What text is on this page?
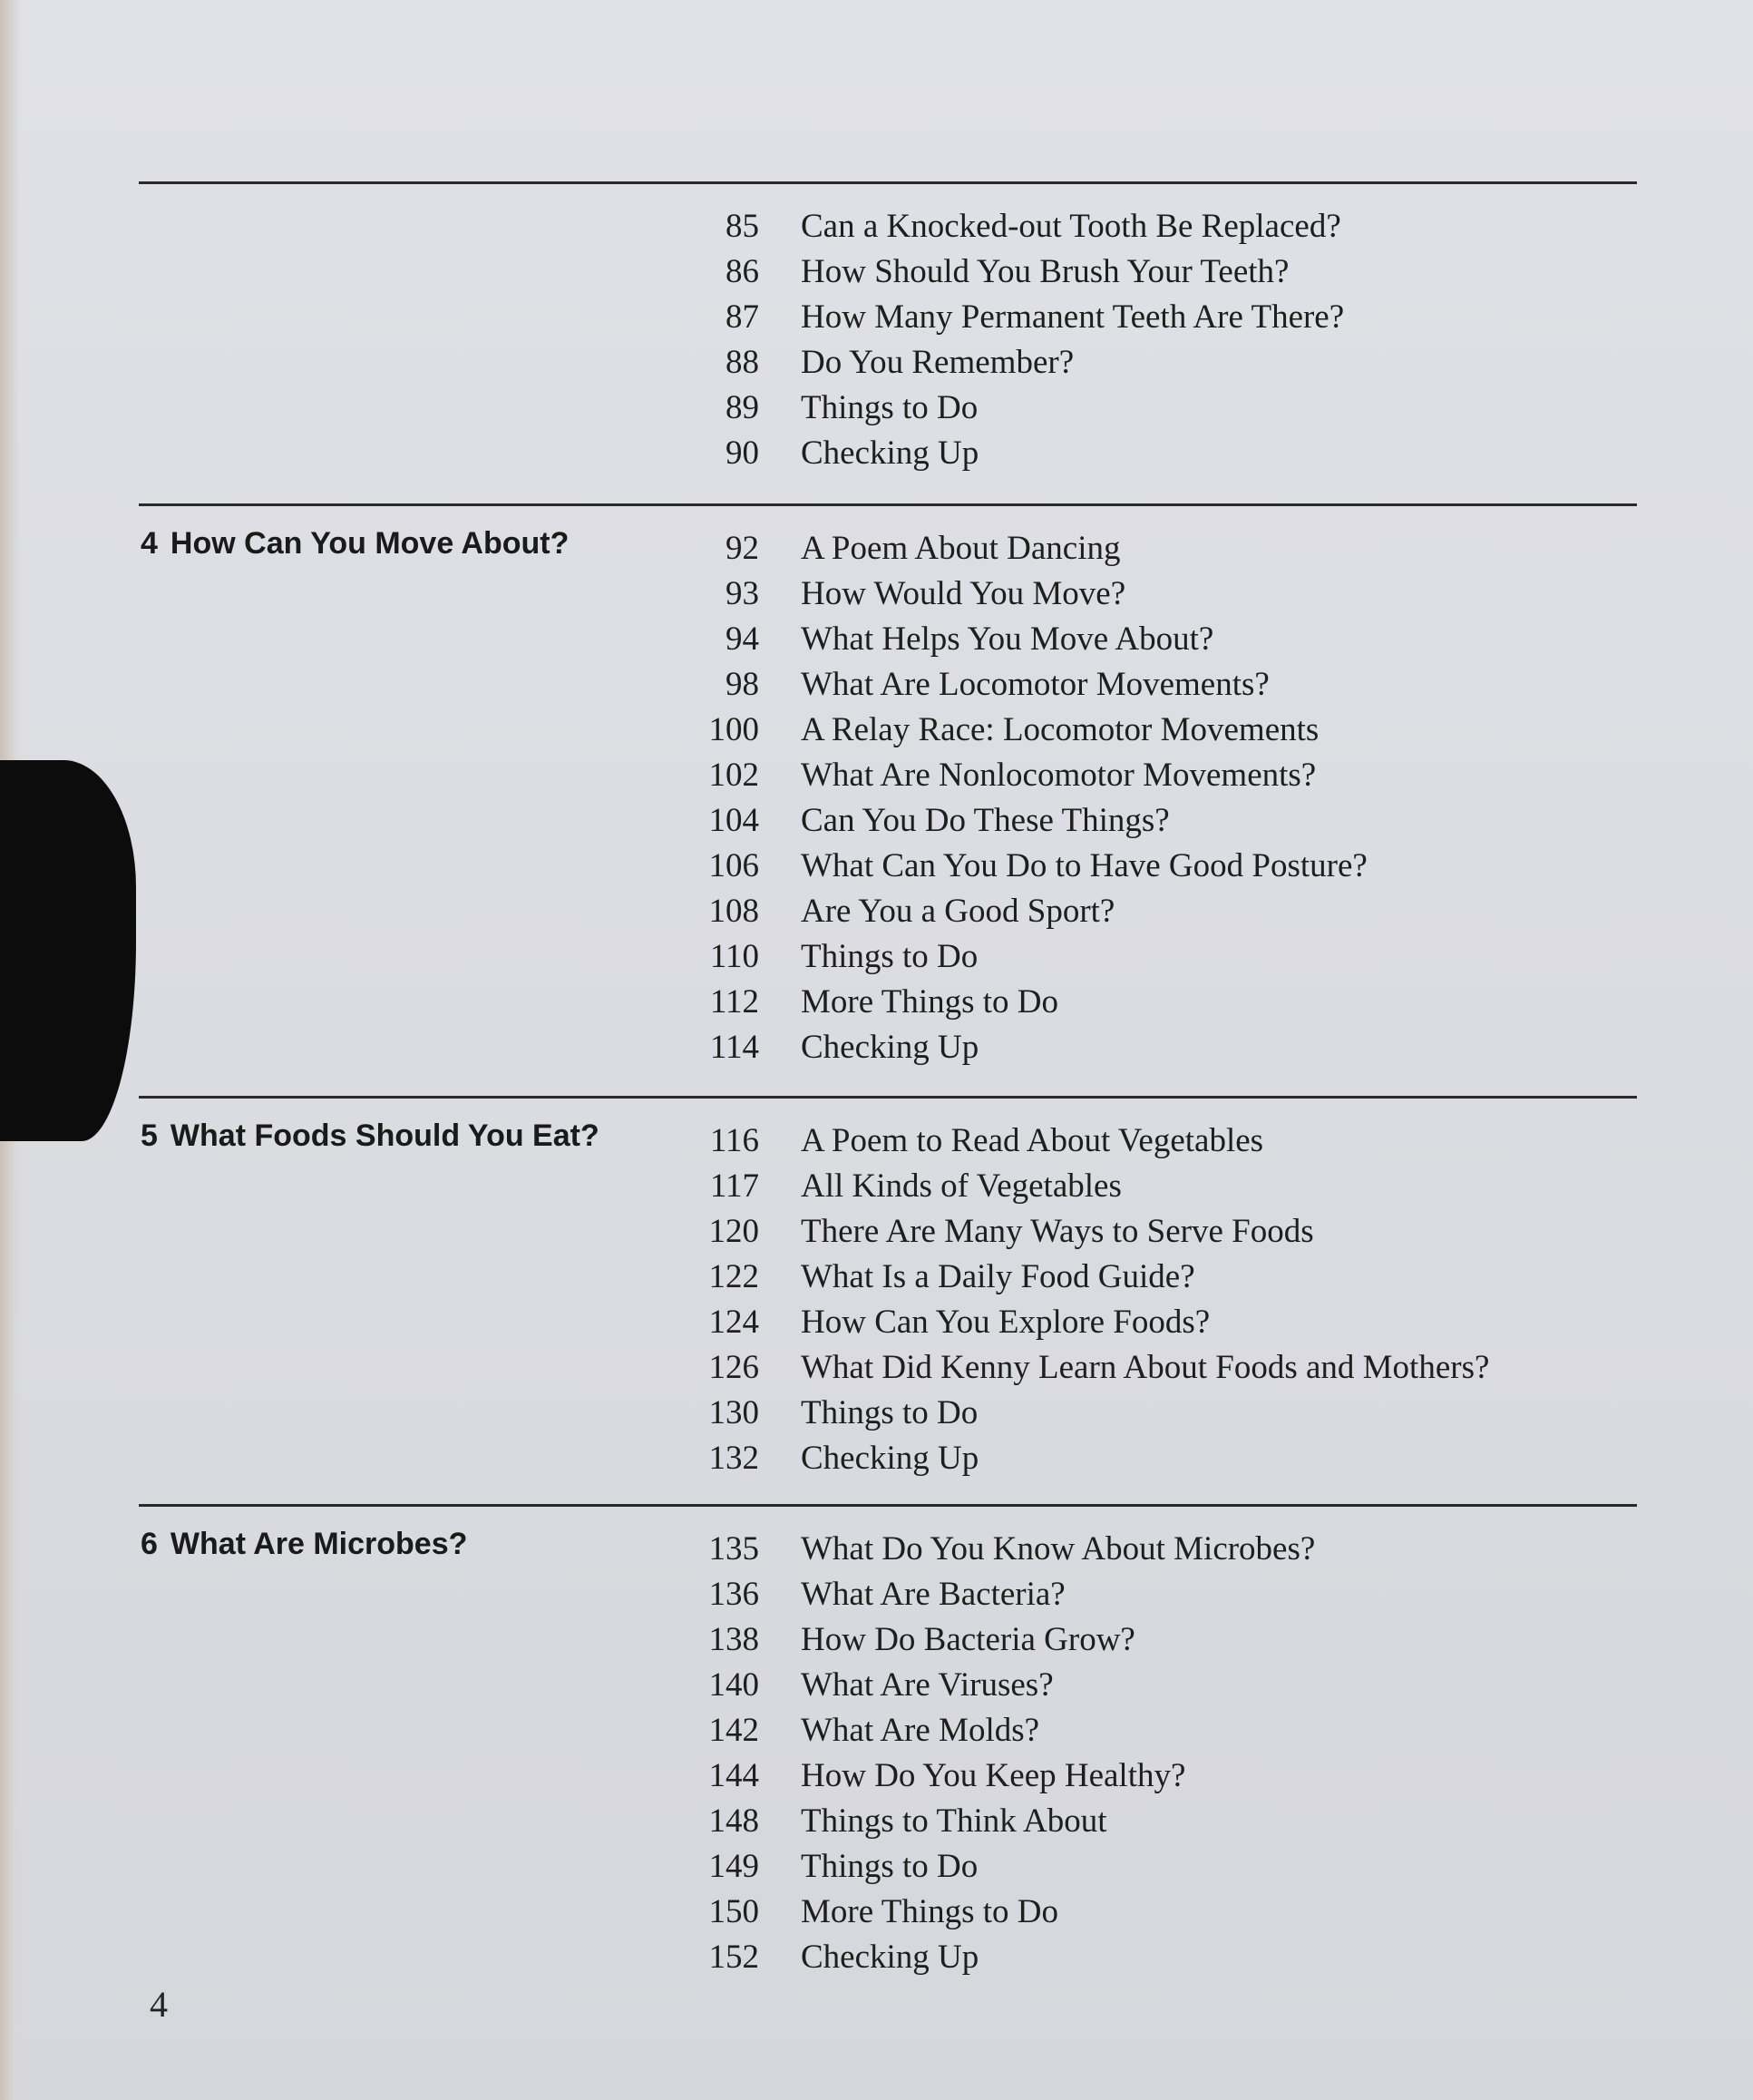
85 Can a Knocked-out Tooth Be Replaced?
86 How Should You Brush Your Teeth?
87 How Many Permanent Teeth Are There?
88 Do You Remember?
89 Things to Do
90 Checking Up
4 How Can You Move About?	92 A Poem About Dancing
93 How Would You Move?
94 What Helps You Move About?
98 What Are Locomotor Movements?
100 A Relay Race: Locomotor Movements
102 What Are Nonlocomotor Movements?
104 Can You Do These Things?
106 What Can You Do to Have Good Posture?
108 Are You a Good Sport?
110 Things to Do
112 More Things to Do
114 Checking Up
5 What Foods Should You Eat?	116 A Poem to Read About Vegetables
117 All Kinds of Vegetables
120 There Are Many Ways to Serve Foods
122 What Is a Daily Food Guide?
124 How Can You Explore Foods?
126 What Did Kenny Learn About Foods and Mothers?
130 Things to Do
132 Checking Up
6 What Are Microbes?	135 What Do You Know About Microbes?
136 What Are Bacteria?
138 How Do Bacteria Grow?
140 What Are Viruses?
142 What Are Molds?
144 How Do You Keep Healthy?
148 Things to Think About
149 Things to Do
150 More Things to Do
152 Checking Up
4
